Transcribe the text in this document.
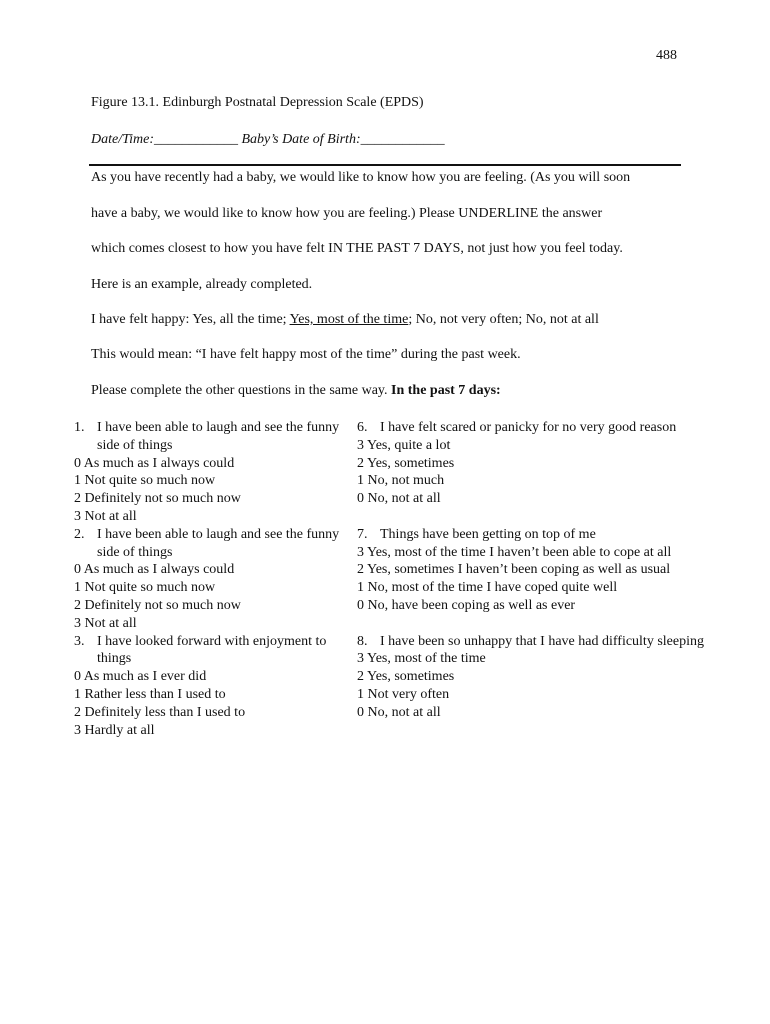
488
Figure 13.1. Edinburgh Postnatal Depression Scale (EPDS)
Date/Time:____________ Baby’s Date of Birth:____________
As you have recently had a baby, we would like to know how you are feeling. (As you will soon
have a baby, we would like to know how you are feeling.) Please UNDERLINE the answer
which comes closest to how you have felt IN THE PAST 7 DAYS, not just how you feel today.
Here is an example, already completed.
I have felt happy: Yes, all the time; Yes, most of the time; No, not very often; No, not at all
This would mean: “I have felt happy most of the time” during the past week.
Please complete the other questions in the same way. In the past 7 days:
1. I have been able to laugh and see the funny side of things
0 As much as I always could
1 Not quite so much now
2 Definitely not so much now
3 Not at all
2. I have been able to laugh and see the funny side of things
0 As much as I always could
1 Not quite so much now
2 Definitely not so much now
3 Not at all
3. I have looked forward with enjoyment to things
0 As much as I ever did
1 Rather less than I used to
2 Definitely less than I used to
3 Hardly at all
6. I have felt scared or panicky for no very good reason
3 Yes, quite a lot
2 Yes, sometimes
1 No, not much
0 No, not at all
7. Things have been getting on top of me
3 Yes, most of the time I haven’t been able to cope at all
2 Yes, sometimes I haven’t been coping as well as usual
1 No, most of the time I have coped quite well
0 No, have been coping as well as ever
8. I have been so unhappy that I have had difficulty sleeping
3 Yes, most of the time
2 Yes, sometimes
1 Not very often
0 No, not at all
